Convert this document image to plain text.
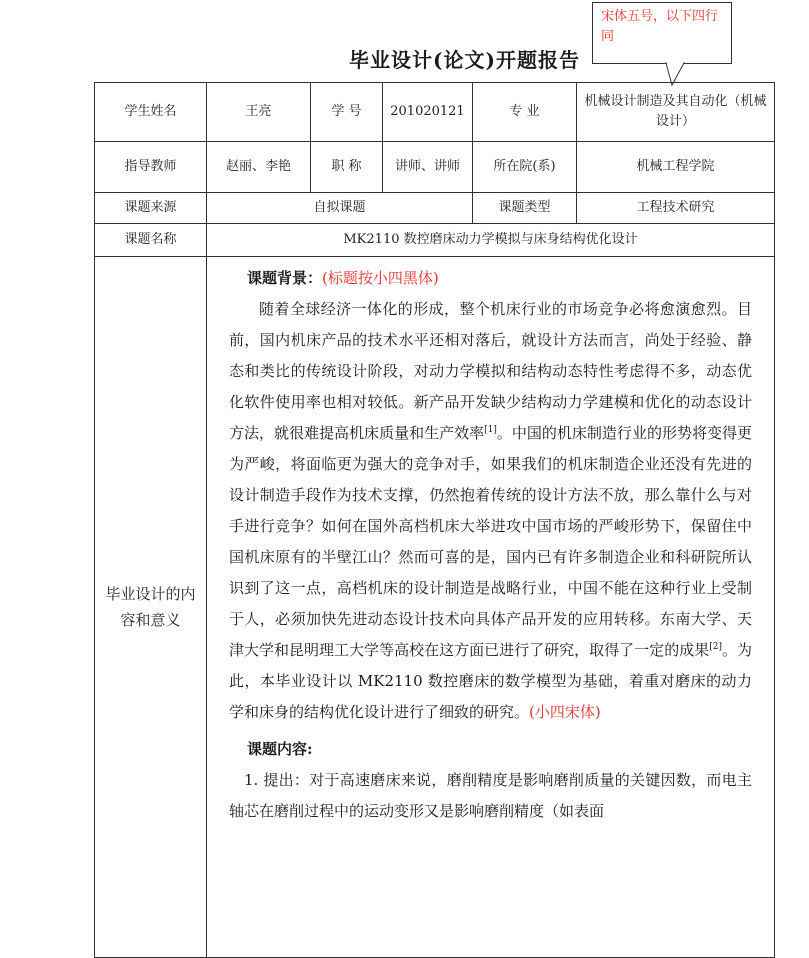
宋体五号，以下四行同
毕业设计(论文)开题报告
学生姓名	王亮	学 号	201020121	专 业	机械设计制造及其自动化（机械设计）
指导教师	赵丽、李艳	职 称	讲师、讲师	所在院(系)	机械工程学院
课题来源	自拟课题			课题类型	工程技术研究
课题名称	MK2110 数控磨床动力学模拟与床身结构优化设计				

毕业设计的内容和意义	课题背景：(标题按小四黑体)

随着全球经济一体化的形成，整个机床行业的市场竞争必将愈演愈烈。目前，国内机床产品的技术水平还相对落后，就设计方法而言，尚处于经验、静态和类比的传统设计阶段，对动力学模拟和结构动态特性考虑得不多，动态优化软件使用率也相对较低。新产品开发缺少结构动力学建模和优化的动态设计方法，就很难提高机床质量和生产效率[1]。中国的机床制造行业的形势将变得更为严峻，将面临更为强大的竞争对手，如果我们的机床制造企业还没有先进的设计制造手段作为技术支撑，仍然抱着传统的设计方法不放，那么靠什么与对手进行竞争？如何在国外高档机床大举进攻中国市场的严峻形势下，保留住中国机床原有的半壁江山？然而可喜的是，国内已有许多制造企业和科研院所认识到了这一点，高档机床的设计制造是战略行业，中国不能在这种行业上受制于人，必须加快先进动态设计技术向具体产品开发的应用转移。东南大学、天津大学和昆明理工大学等高校在这方面已进行了研究，取得了一定的成果[2]。为此，本毕业设计以 MK2110 数控磨床的数学模型为基础，着重对磨床的动力学和床身的结构优化设计进行了细致的研究。(小四宋体)

课题内容:

1. 提出：对于高速磨床来说，磨削精度是影响磨削质量的关键因数，而电主轴芯在磨削过程中的运动变形又是影响磨削精度（如表面				
